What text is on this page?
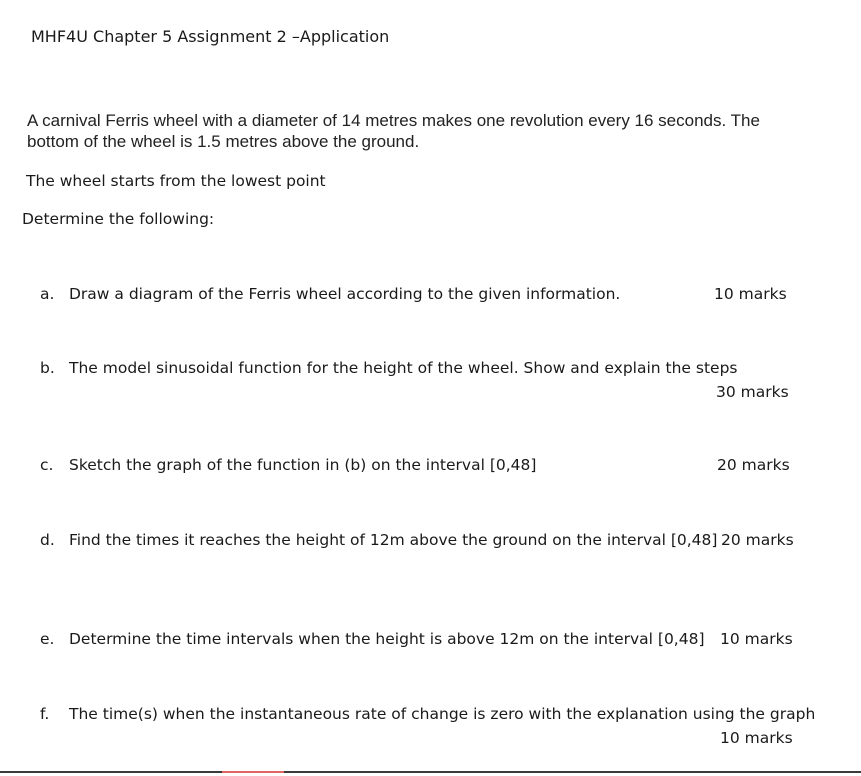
MHF4U Chapter 5 Assignment 2 –Application
A carnival Ferris wheel with a diameter of 14 metres makes one revolution every 16 seconds. The
bottom of the wheel is 1.5 metres above the ground.
The wheel starts from the lowest point
Determine the following:
a. Draw a diagram of the Ferris wheel according to the given information.	10 marks
b. The model sinusoidal function for the height of the wheel. Show and explain the steps
30 marks
c. Sketch the graph of the function in (b) on the interval [0,48]	20 marks
d. Find the times it reaches the height of 12m above the ground on the interval [0,48] 20 marks
e. Determine the time intervals when the height is above 12m on the interval [0,48] 10 marks
f. The time(s) when the instantaneous rate of change is zero with the explanation using the graph
10 marks
